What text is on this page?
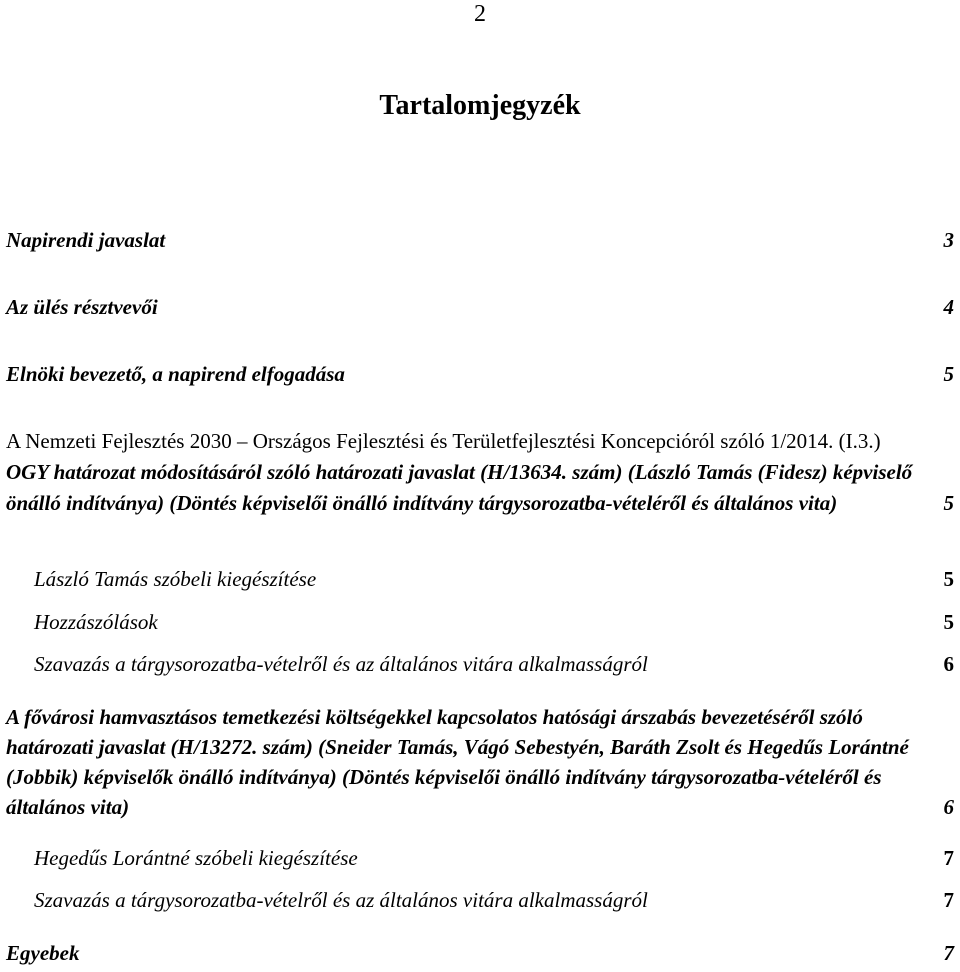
2
Tartalomjegyzék
Napirendi javaslat	3
Az ülés résztvevői	4
Elnöki bevezető, a napirend elfogadása	5
A Nemzeti Fejlesztés 2030 – Országos Fejlesztési és Területfejlesztési Koncepcióról szóló 1/2014. (I.3.) OGY határozat módosításáról szóló határozati javaslat (H/13634. szám) (László Tamás (Fidesz) képviselő önálló indítványa) (Döntés képviselői önálló indítvány tárgysorozatba-vételéről és általános vita)	5
László Tamás szóbeli kiegészítése	5
Hozzászólások	5
Szavazás a tárgysorozatba-vételről és az általános vitára alkalmasságról	6
A fővárosi hamvasztásos temetkezési költségekkel kapcsolatos hatósági árszabás bevezetéséről szóló határozati javaslat (H/13272. szám) (Sneider Tamás, Vágó Sebestyén, Baráth Zsolt és Hegedűs Lorántné (Jobbik) képviselők önálló indítványa) (Döntés képviselői önálló indítvány tárgysorozatba-vételéről és általános vita)	6
Hegedűs Lorántné szóbeli kiegészítése	7
Szavazás a tárgysorozatba-vételről és az általános vitára alkalmasságról	7
Egyebek	7
